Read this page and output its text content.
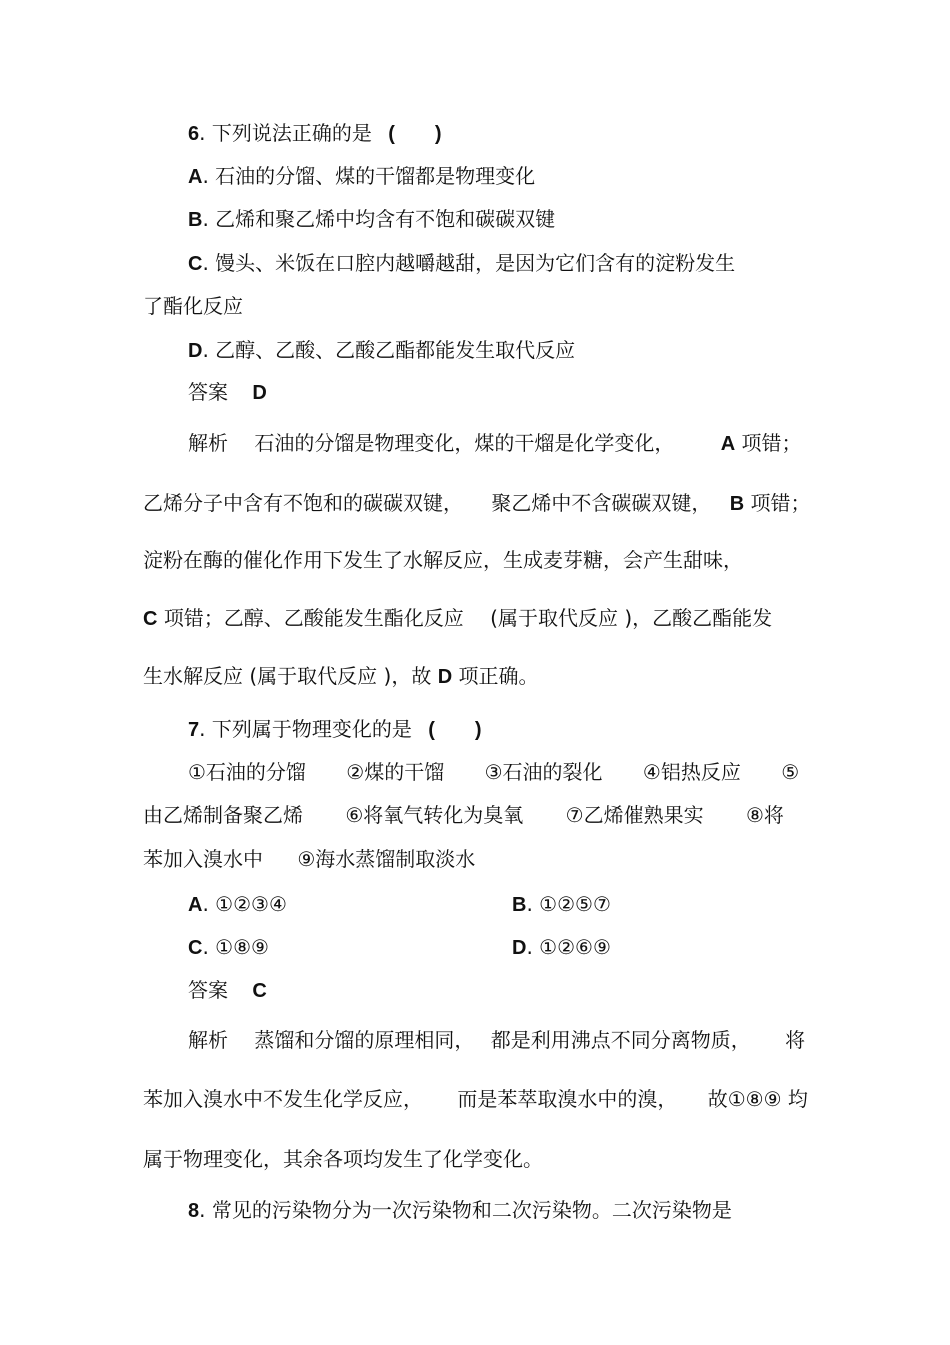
6. 下列说法正确的是 (　　)
A. 石油的分馏、煤的干馏都是物理变化
B. 乙烯和聚乙烯中均含有不饱和碳碳双键
C. 馒头、米饭在口腔内越嚼越甜，是因为它们含有的淀粉发生
了酯化反应
D. 乙醇、乙酸、乙酸乙酯都能发生取代反应
答案 D
解析 石油的分馏是物理变化，煤的干熘是化学变化， A 项错；
乙烯分子中含有不饱和的碳碳双键， 聚乙烯中不含碳碳双键， B 项错；
淀粉在酶的催化作用下发生了水解反应，生成麦芽糖，会产生甜味，
C 项错；乙醇、乙酸能发生酯化反应 (属于取代反应 )，乙酸乙酯能发
生水解反应 (属于取代反应 )，故 D 项正确。
7. 下列属于物理变化的是 (　　)
①石油的分馏 ②煤的干馏 ③石油的裂化 ④铝热反应 ⑤
由乙烯制备聚乙烯 ⑥将氧气转化为臭氧 ⑦乙烯催熟果实 ⑧将
苯加入溴水中 ⑨海水蒸馏制取淡水
A. ①②③④	B. ①②⑤⑦
C. ①⑧⑨	D. ①②⑥⑨
答案 C
解析 蒸馏和分馏的原理相同， 都是利用沸点不同分离物质， 将
苯加入溴水中不发生化学反应， 而是苯萃取溴水中的溴， 故①⑧⑨ 均
属于物理变化，其余各项均发生了化学变化。
8. 常见的污染物分为一次污染物和二次污染物。二次污染物是
